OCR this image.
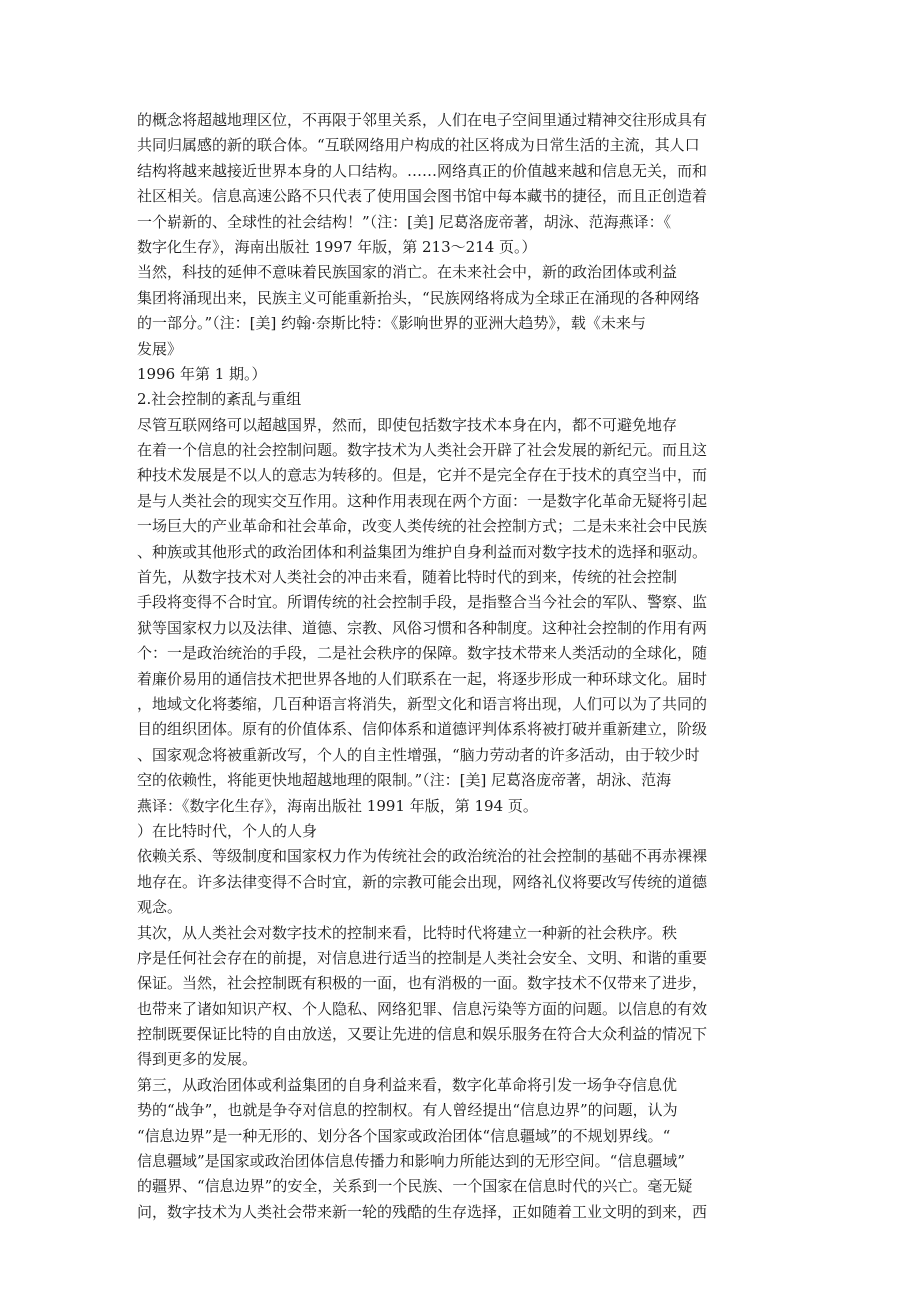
的概念将超越地理区位，不再限于邻里关系，人们在电子空间里通过精神交往形成具有
共同归属感的新的联合体。“互联网络用户构成的社区将成为日常生活的主流，其人口
结构将越来越接近世界本身的人口结构。……网络真正的价值越来越和信息无关，而和
社区相关。信息高速公路不只代表了使用国会图书馆中每本藏书的捷径，而且正创造着
一个崭新的、全球性的社会结构！”（注：[美] 尼葛洛庞帝著，胡泳、范海燕译：《
数字化生存》，海南出版社 1997 年版，第 213～214 页。）
当然，科技的延伸不意味着民族国家的消亡。在未来社会中，新的政治团体或利益
集团将涌现出来，民族主义可能重新抬头，“民族网络将成为全球正在涌现的各种网络
的一部分。”（注：[美] 约翰·奈斯比特：《影响世界的亚洲大趋势》，载《未来与
发展》
1996 年第 1 期。）
2.社会控制的紊乱与重组
尽管互联网络可以超越国界，然而，即使包括数字技术本身在内，都不可避免地存
在着一个信息的社会控制问题。数字技术为人类社会开辟了社会发展的新纪元。而且这
种技术发展是不以人的意志为转移的。但是，它并不是完全存在于技术的真空当中，而
是与人类社会的现实交互作用。这种作用表现在两个方面：一是数字化革命无疑将引起
一场巨大的产业革命和社会革命，改变人类传统的社会控制方式；二是未来社会中民族
、种族或其他形式的政治团体和利益集团为维护自身利益而对数字技术的选择和驱动。
首先，从数字技术对人类社会的冲击来看，随着比特时代的到来，传统的社会控制
手段将变得不合时宜。所谓传统的社会控制手段，是指整合当今社会的军队、警察、监
狱等国家权力以及法律、道德、宗教、风俗习惯和各种制度。这种社会控制的作用有两
个：一是政治统治的手段，二是社会秩序的保障。数字技术带来人类活动的全球化，随
着廉价易用的通信技术把世界各地的人们联系在一起，将逐步形成一种环球文化。届时
，地域文化将萎缩，几百种语言将消失，新型文化和语言将出现，人们可以为了共同的
目的组织团体。原有的价值体系、信仰体系和道德评判体系将被打破并重新建立，阶级
、国家观念将被重新改写，个人的自主性增强，“脑力劳动者的许多活动，由于较少时
空的依赖性，将能更快地超越地理的限制。”（注：[美] 尼葛洛庞帝著，胡泳、范海
燕译：《数字化生存》，海南出版社 1991 年版，第 194 页。
）在比特时代，个人的人身
依赖关系、等级制度和国家权力作为传统社会的政治统治的社会控制的基础不再赤裸裸
地存在。许多法律变得不合时宜，新的宗教可能会出现，网络礼仪将要改写传统的道德
观念。
其次，从人类社会对数字技术的控制来看，比特时代将建立一种新的社会秩序。秩
序是任何社会存在的前提，对信息进行适当的控制是人类社会安全、文明、和谐的重要
保证。当然，社会控制既有积极的一面，也有消极的一面。数字技术不仅带来了进步，
也带来了诸如知识产权、个人隐私、网络犯罪、信息污染等方面的问题。以信息的有效
控制既要保证比特的自由放送，又要让先进的信息和娱乐服务在符合大众利益的情况下
得到更多的发展。
第三，从政治团体或利益集团的自身利益来看，数字化革命将引发一场争夺信息优
势的“战争”，也就是争夺对信息的控制权。有人曾经提出“信息边界”的问题，认为
“信息边界”是一种无形的、划分各个国家或政治团体“信息疆域”的不规划界线。“
信息疆域”是国家或政治团体信息传播力和影响力所能达到的无形空间。“信息疆域”
的疆界、“信息边界”的安全，关系到一个民族、一个国家在信息时代的兴亡。毫无疑
问，数字技术为人类社会带来新一轮的残酷的生存选择，正如随着工业文明的到来，西
